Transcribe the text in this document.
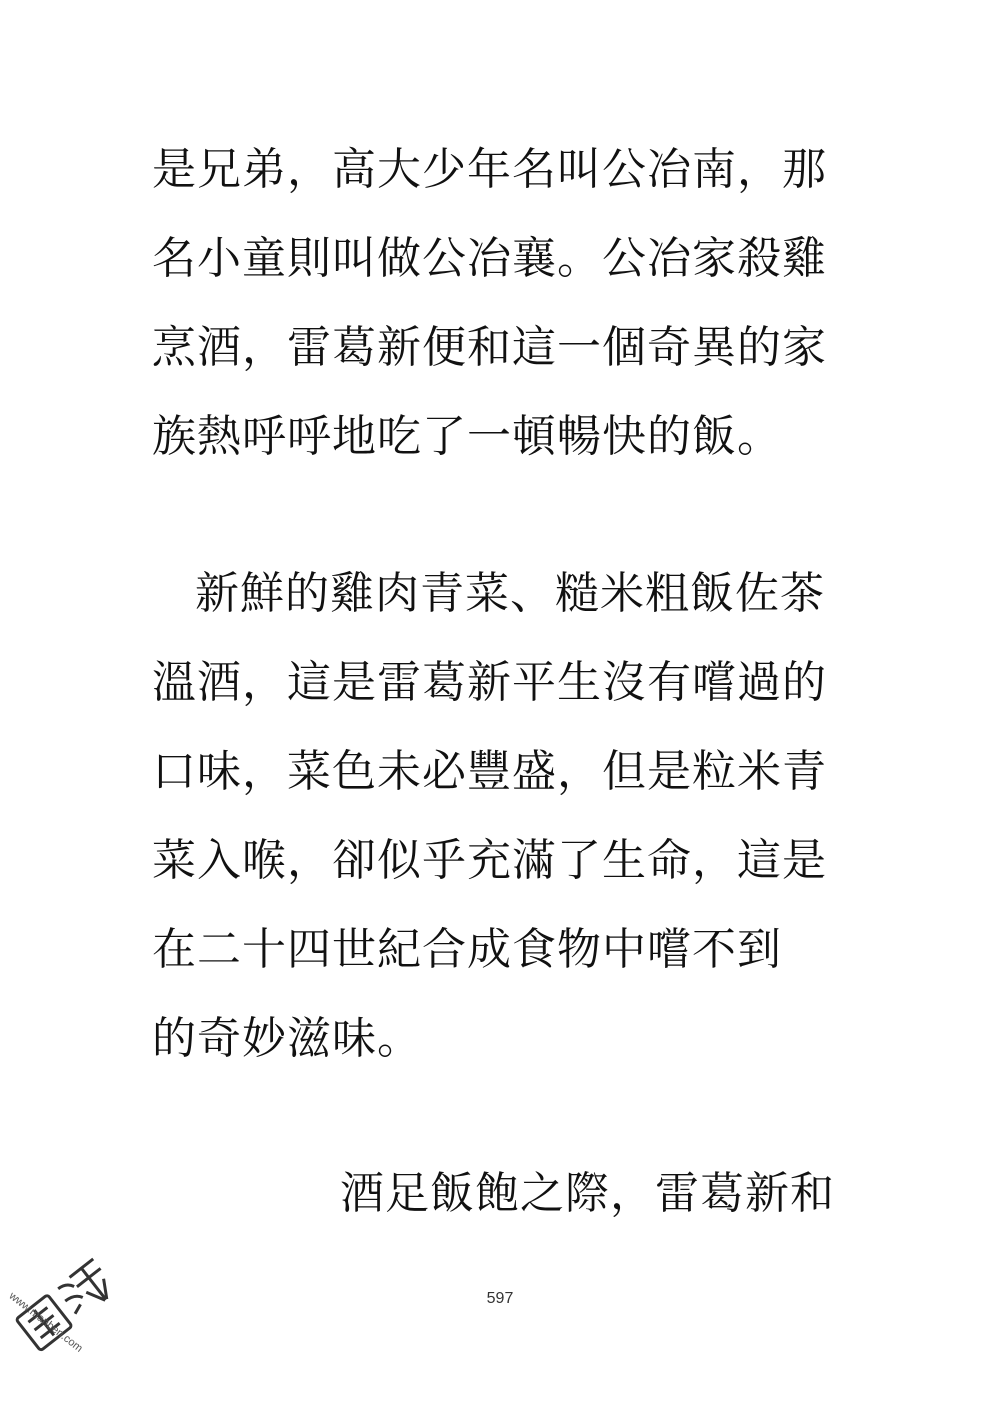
是兄弟，高大少年名叫公冶南，那
名小童則叫做公冶襄。公冶家殺雞
烹酒，雷葛新便和這一個奇異的家
族熱呼呼地吃了一頓暢快的飯。
新鮮的雞肉青菜、糙米粗飯佐茶
溫酒，這是雷葛新平生沒有嚐過的
口味，菜色未必豐盛，但是粒米青
菜入喉，卻似乎充滿了生命，這是
在二十四世紀合成食物中嚐不到
的奇妙滋味。
酒足飯飽之際，雷葛新和
597
www.manben.com
